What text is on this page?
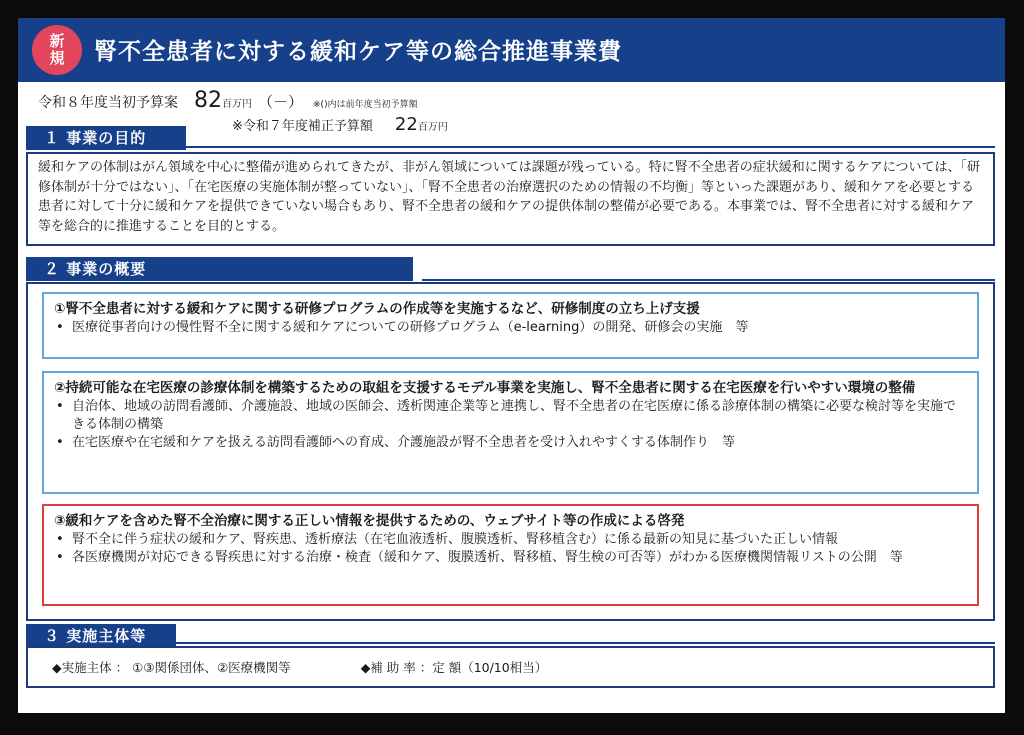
新
規 腎不全患者に対する緩和ケア等の総合推進事業費
令和８年度当初予算案 82 百万円 （－） ※()内は前年度当初予算額
※令和７年度補正予算額 22 百万円
１ 事業の目的
緩和ケアの体制はがん領域を中心に整備が進められてきたが、非がん領域については課題が残っている。特に腎不全患者の症状緩和に関するケアについては、「研修体制が十分ではない」、「在宅医療の実施体制が整っていない」、「腎不全患者の治療選択のための情報の不均衡」等といった課題があり、緩和ケアを必要とする患者に対して十分に緩和ケアを提供できていない場合もあり、腎不全患者の緩和ケアの提供体制の整備が必要である。本事業では、腎不全患者に対する緩和ケア等を総合的に推進することを目的とする。
２ 事業の概要
①腎不全患者に対する緩和ケアに関する研修プログラムの作成等を実施するなど、研修制度の立ち上げ支援
• 医療従事者向けの慢性腎不全に関する緩和ケアについての研修プログラム（e-learning）の開発、研修会の実施　等
②持続可能な在宅医療の診療体制を構築するための取組を支援するモデル事業を実施し、腎不全患者に関する在宅医療を行いやすい環境の整備
• 自治体、地域の訪問看護師、介護施設、地域の医師会、透析関連企業等と連携し、腎不全患者の在宅医療に係る診療体制の構築に必要な検討等を実施できる体制の構築
• 在宅医療や在宅緩和ケアを扱える訪問看護師への育成、介護施設が腎不全患者を受け入れやすくする体制作り　等
③緩和ケアを含めた腎不全治療に関する正しい情報を提供するための、ウェブサイト等の作成による啓発
• 腎不全に伴う症状の緩和ケア、腎疾患、透析療法（在宅血液透析、腹膜透析、腎移植含む）に係る最新の知見に基づいた正しい情報
• 各医療機関が対応できる腎疾患に対する治療・検査（緩和ケア、腹膜透析、腎移植、腎生検の可否等）がわかる医療機関情報リストの公開　等
３ 実施主体等
◆実施主体 ： ①③関係団体、②医療機関等	◆補 助 率 ：定 額（10/10相当）
